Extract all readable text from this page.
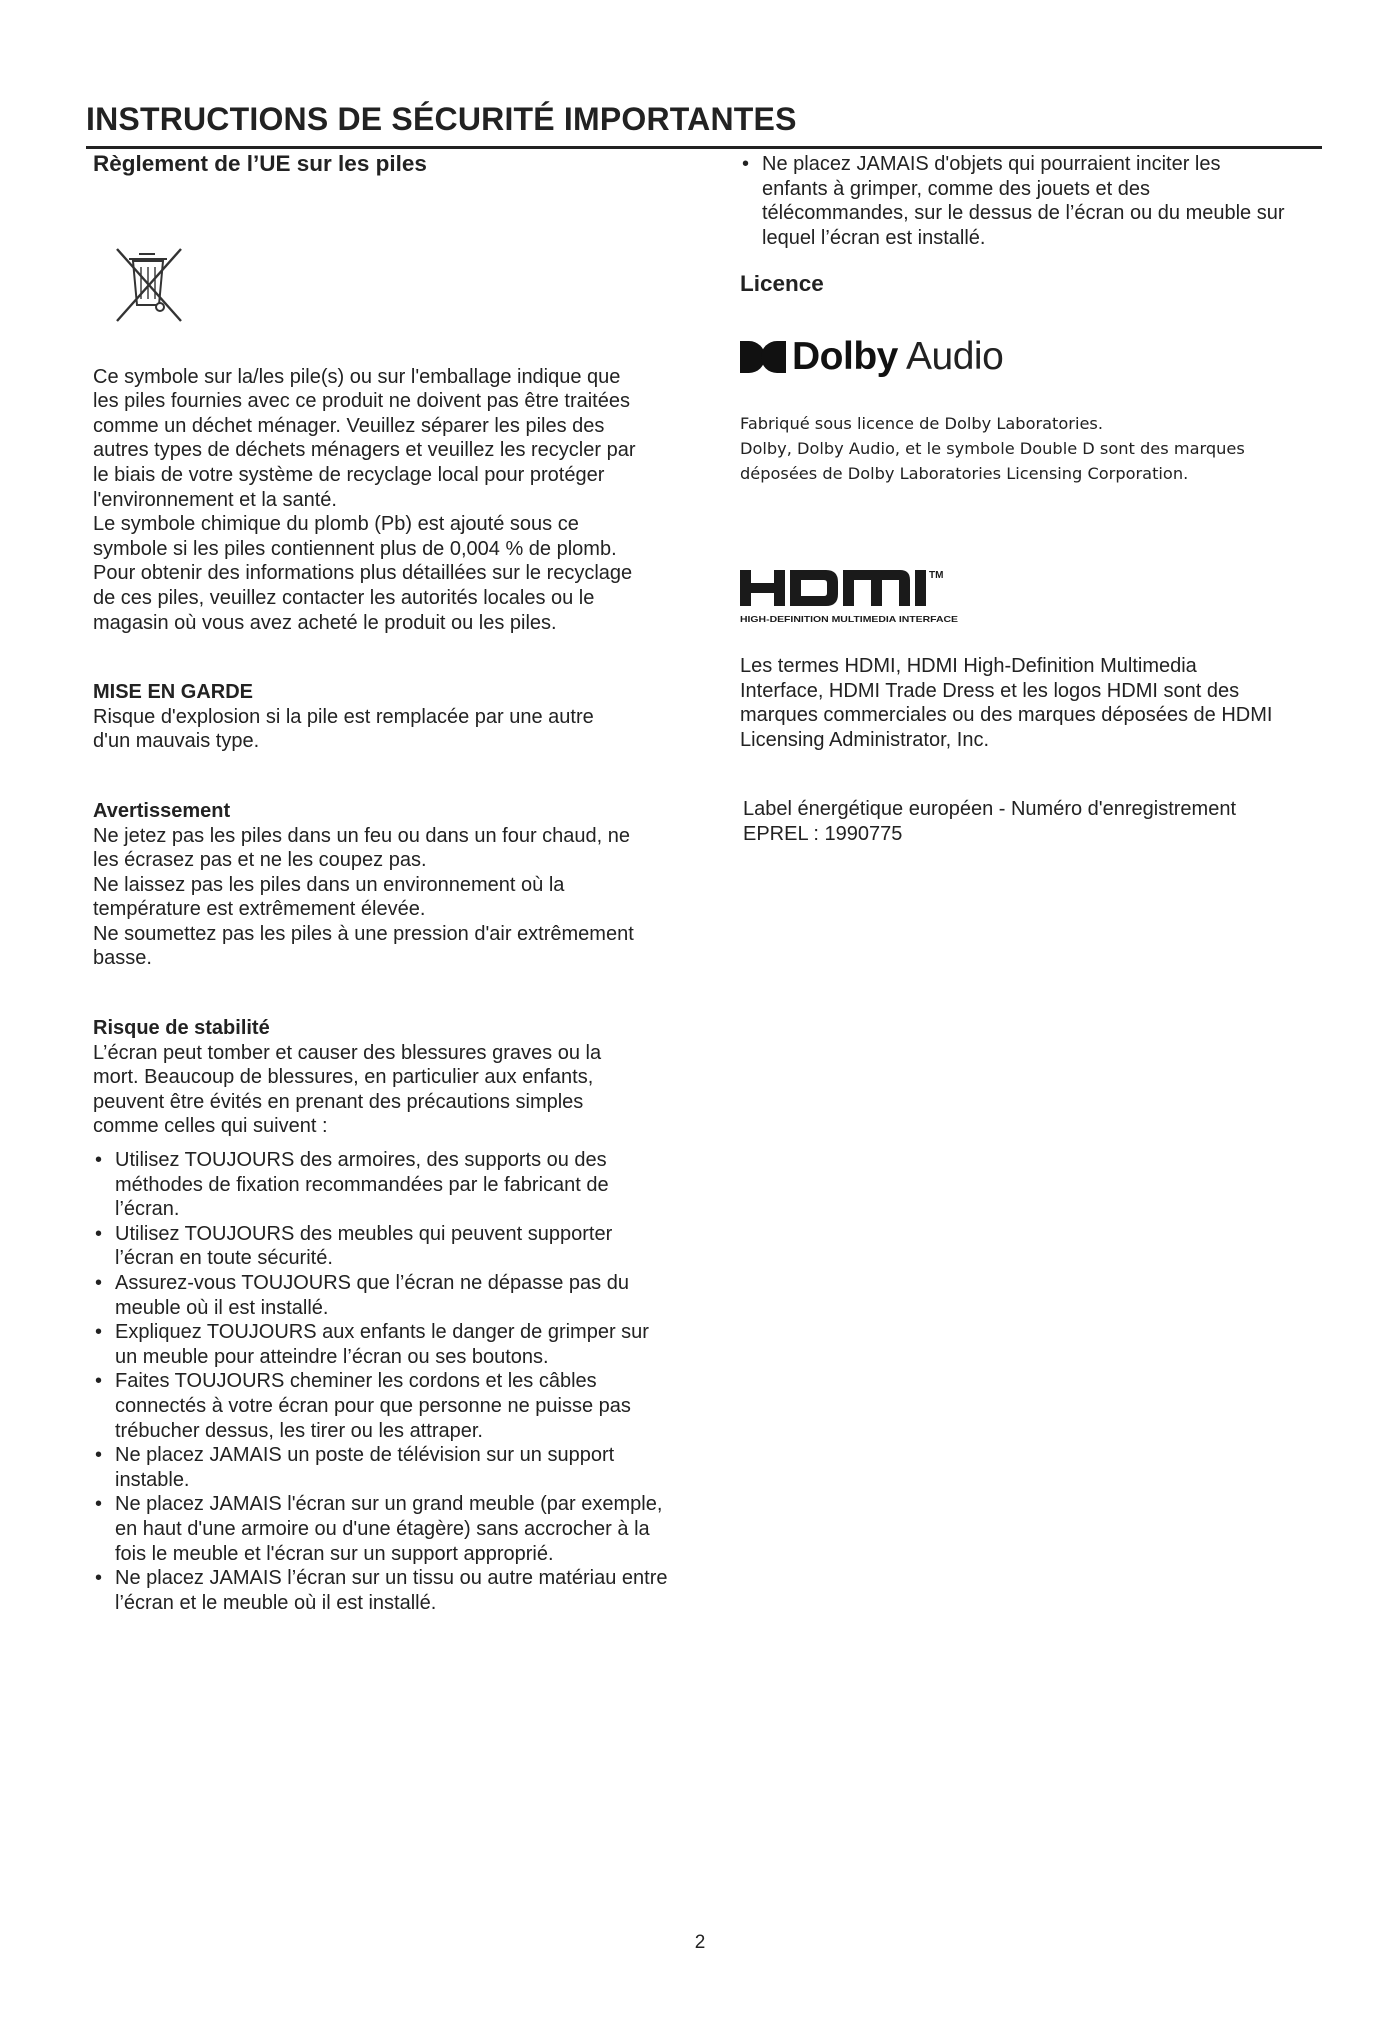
INSTRUCTIONS DE SÉCURITÉ IMPORTANTES
Règlement de l’UE sur les piles

Ce symbole sur la/les pile(s) ou sur l'emballage indique que

les piles fournies avec ce produit ne doivent pas être traitées

comme un déchet ménager. Veuillez séparer les piles des

autres types de déchets ménagers et veuillez les recycler par

le biais de votre système de recyclage local pour protéger

l'environnement et la santé.

Le symbole chimique du plomb (Pb) est ajouté sous ce

symbole si les piles contiennent plus de 0,004 % de plomb.

Pour obtenir des informations plus détaillées sur le recyclage

de ces piles, veuillez contacter les autorités locales ou le

magasin où vous avez acheté le produit ou les piles.

MISE EN GARDE

Risque d'explosion si la pile est remplacée par une autre

d'un mauvais type.

Avertissement

Ne jetez pas les piles dans un feu ou dans un four chaud, ne

les écrasez pas et ne les coupez pas.

Ne laissez pas les piles dans un environnement où la

température est extrêmement élevée.

Ne soumettez pas les piles à une pression d'air extrêmement

basse.

Risque de stabilité

L’écran peut tomber et causer des blessures graves ou la

mort. Beaucoup de blessures, en particulier aux enfants,

peuvent être évités en prenant des précautions simples

comme celles qui suivent :

• Utilisez TOUJOURS des armoires, des supports ou des
méthodes de fixation recommandées par le fabricant de
l’écran.
• Utilisez TOUJOURS des meubles qui peuvent supporter
l’écran en toute sécurité.
• Assurez-vous TOUJOURS que l’écran ne dépasse pas du
meuble où il est installé.
• Expliquez TOUJOURS aux enfants le danger de grimper sur
un meuble pour atteindre l’écran ou ses boutons.
• Faites TOUJOURS cheminer les cordons et les câbles
connectés à votre écran pour que personne ne puisse pas
trébucher dessus, les tirer ou les attraper.
• Ne placez JAMAIS un poste de télévision sur un support
instable.
• Ne placez JAMAIS l'écran sur un grand meuble (par exemple,
en haut d'une armoire ou d'une étagère) sans accrocher à la
fois le meuble et l'écran sur un support approprié.
• Ne placez JAMAIS l’écran sur un tissu ou autre matériau entre
l’écran et le meuble où il est installé.
• Ne placez JAMAIS d'objets qui pourraient inciter les
enfants à grimper, comme des jouets et des
télécommandes, sur le dessus de l’écran ou du meuble sur
lequel l’écran est installé.
Licence
Dolby Audio

Fabriqué sous licence de Dolby Laboratories.

Dolby, Dolby Audio, et le symbole Double D sont des marques

déposées de Dolby Laboratories Licensing Corporation.

TM
HIGH-DEFINITION MULTIMEDIA INTERFACE

Les termes HDMI, HDMI High-Definition Multimedia

Interface, HDMI Trade Dress et les logos HDMI sont des

marques commerciales ou des marques déposées de HDMI

Licensing Administrator, Inc.

Label énergétique européen - Numéro d'enregistrement

EPREL : 1990775

2
